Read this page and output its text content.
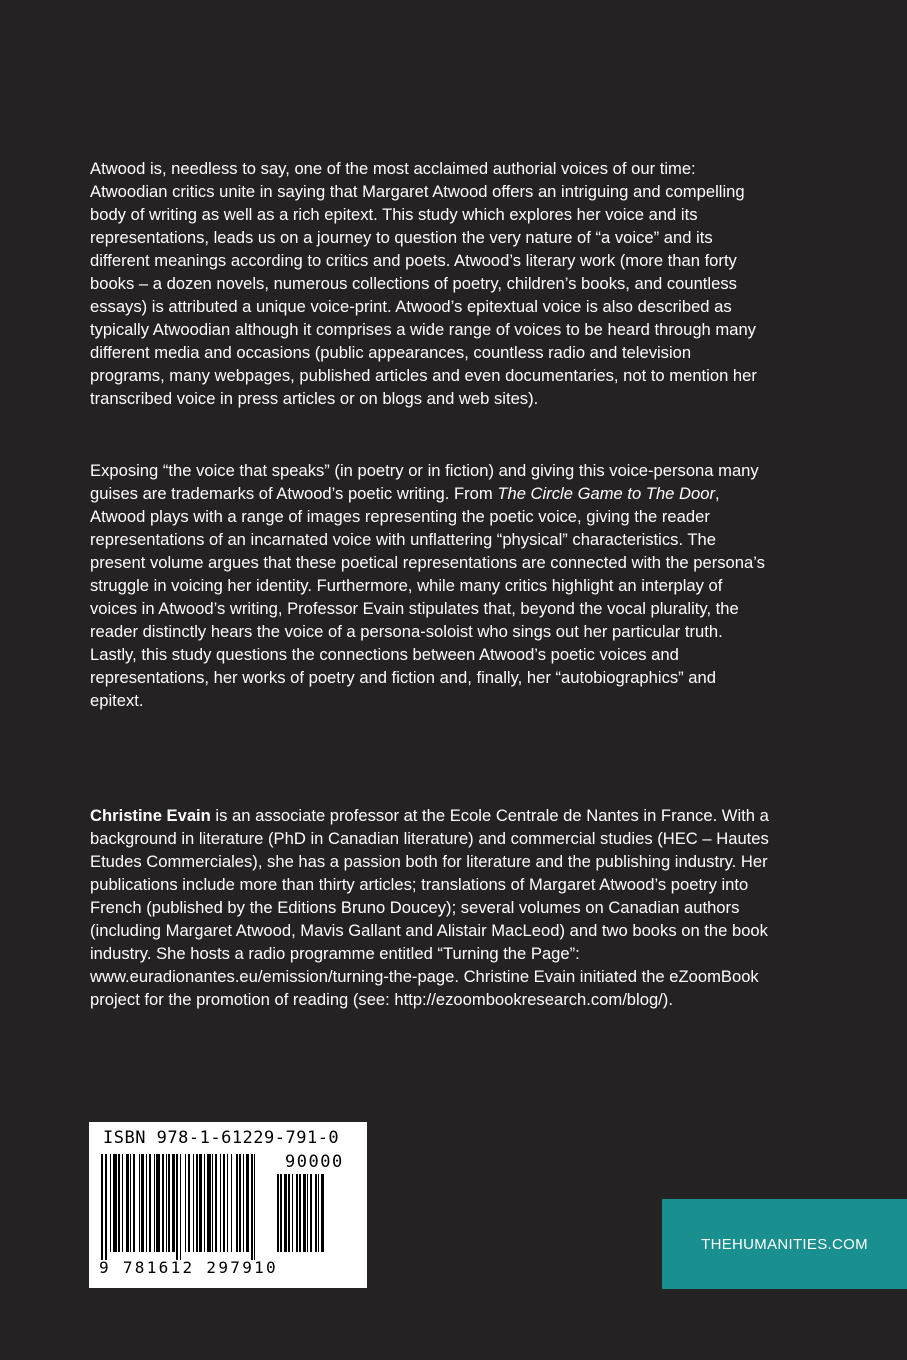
Atwood is, needless to say, one of the most acclaimed authorial voices of our time: Atwoodian critics unite in saying that Margaret Atwood offers an intriguing and compelling body of writing as well as a rich epitext. This study which explores her voice and its representations, leads us on a journey to question the very nature of “a voice” and its different meanings according to critics and poets. Atwood’s literary work (more than forty books – a dozen novels, numerous collections of poetry, children’s books, and countless essays) is attributed a unique voice-print. Atwood’s epitextual voice is also described as typically Atwoodian although it comprises a wide range of voices to be heard through many different media and occasions (public appearances, countless radio and television programs, many webpages, published articles and even documentaries, not to mention her transcribed voice in press articles or on blogs and web sites).

Exposing “the voice that speaks” (in poetry or in fiction) and giving this voice-persona many guises are trademarks of Atwood’s poetic writing. From The Circle Game to The Door, Atwood plays with a range of images representing the poetic voice, giving the reader representations of an incarnated voice with unflattering “physical” characteristics. The present volume argues that these poetical representations are connected with the persona’s struggle in voicing her identity. Furthermore, while many critics highlight an interplay of voices in Atwood’s writing, Professor Evain stipulates that, beyond the vocal plurality, the reader distinctly hears the voice of a persona-soloist who sings out her particular truth. Lastly, this study questions the connections between Atwood’s poetic voices and representations, her works of poetry and fiction and, finally, her “autobiographics” and epitext.

Christine Evain is an associate professor at the Ecole Centrale de Nantes in France. With a background in literature (PhD in Canadian literature) and commercial studies (HEC – Hautes Etudes Commerciales), she has a passion both for literature and the publishing industry. Her publications include more than thirty articles; translations of Margaret Atwood’s poetry into French (published by the Editions Bruno Doucey); several volumes on Canadian authors (including Margaret Atwood, Mavis Gallant and Alistair MacLeod) and two books on the book industry. She hosts a radio programme entitled “Turning the Page”: www.euradionantes.eu/emission/turning-the-page. Christine Evain initiated the eZoomBook project for the promotion of reading (see: http://ezoombookresearch.com/blog/).

ISBN 978-1-61229-791-0
90000
9 781612 297910
THEHUMANITIES.COM
